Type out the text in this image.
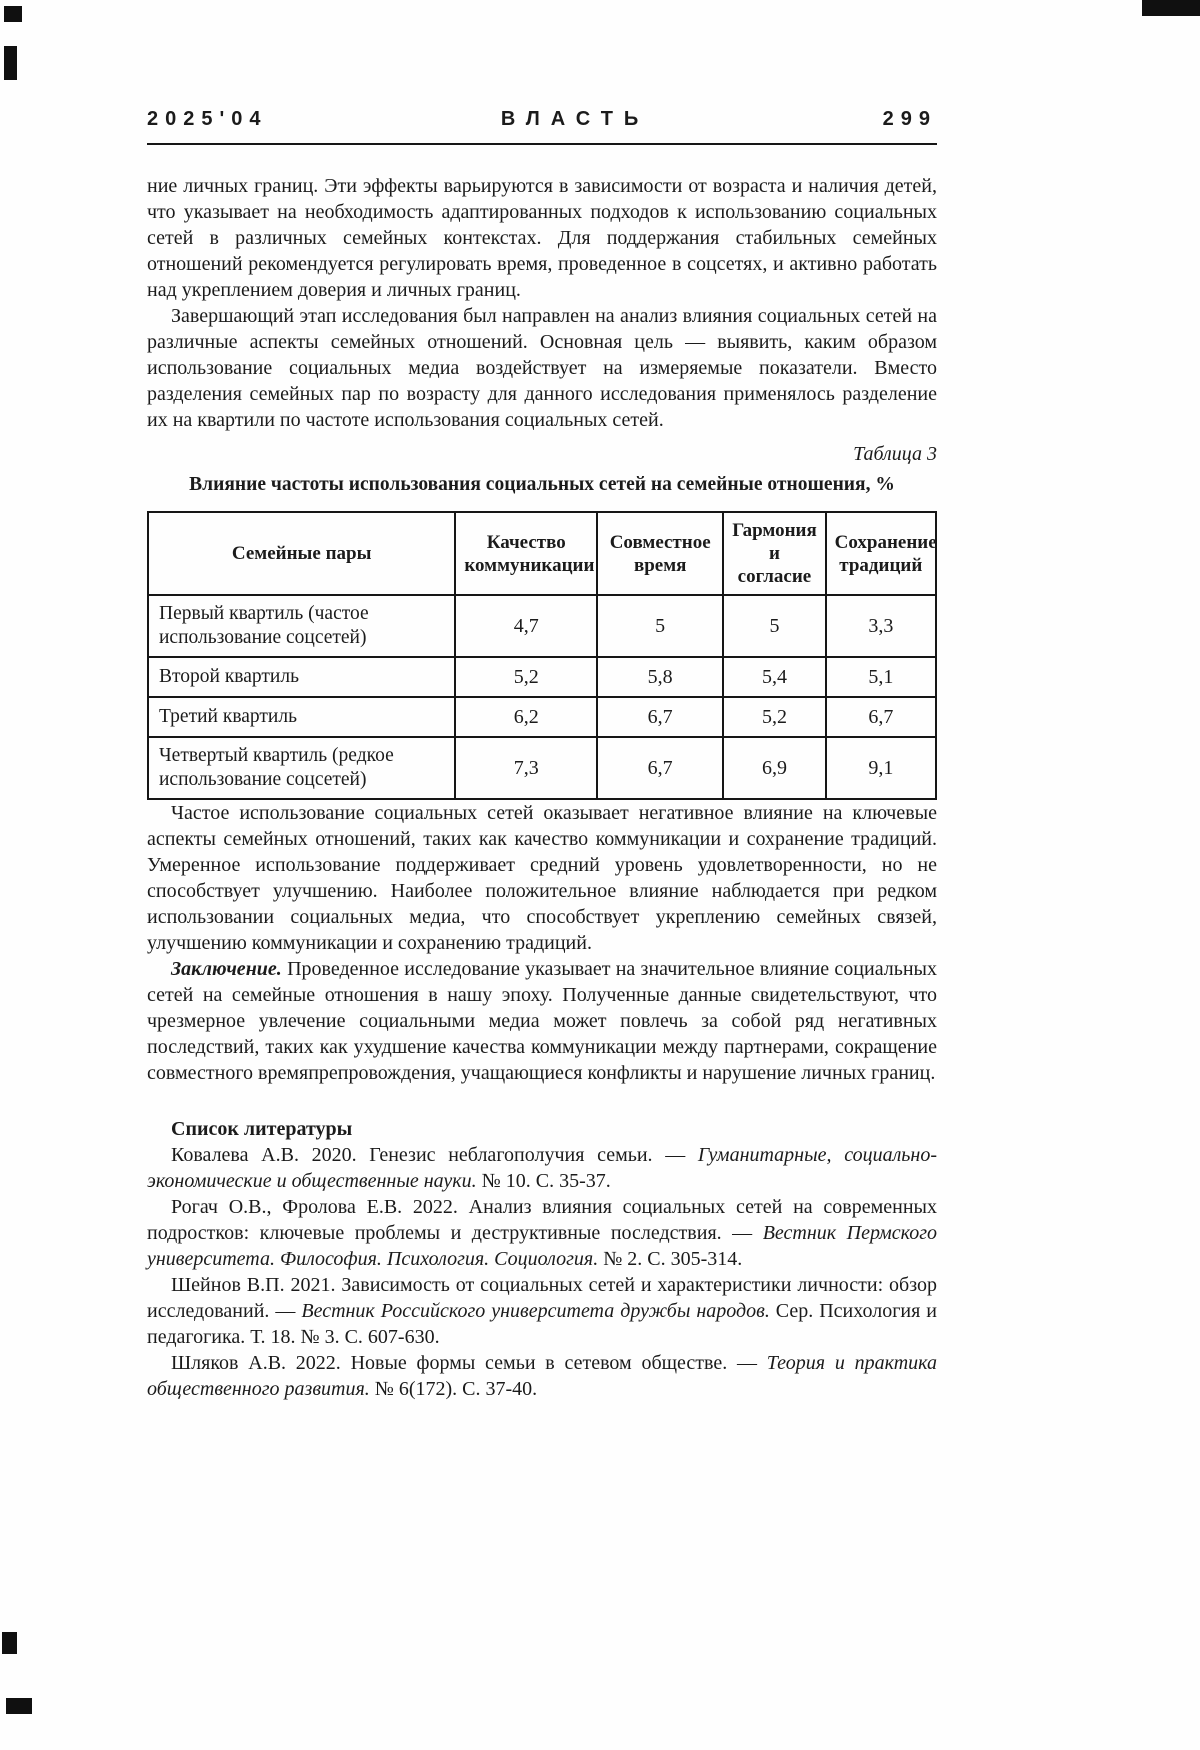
2025'04	ВЛАСТЬ	299

ние личных границ. Эти эффекты варьируются в зависимости от возраста и наличия детей, что указывает на необходимость адаптированных подходов к использованию социальных сетей в различных семейных контекстах. Для поддержания стабильных семейных отношений рекомендуется регулировать время, проведенное в соцсетях, и активно работать над укреплением доверия и личных границ.

Завершающий этап исследования был направлен на анализ влияния социальных сетей на различные аспекты семейных отношений. Основная цель — выявить, каким образом использование социальных медиа воздействует на измеряемые показатели. Вместо разделения семейных пар по возрасту для данного исследования применялось разделение их на квартили по частоте использования социальных сетей.

Таблица 3
Влияние частоты использования социальных сетей на семейные отношения, %
Семейные пары	Качество коммуникации	Совместное время	Гармония и согласие	Сохранение традиций
Первый квартиль (частое использование соцсетей)	4,7	5	5	3,3
Второй квартиль	5,2	5,8	5,4	5,1
Третий квартиль	6,2	6,7	5,2	6,7
Четвертый квартиль (редкое использование соцсетей)	7,3	6,7	6,9	9,1

Частое использование социальных сетей оказывает негативное влияние на ключевые аспекты семейных отношений, таких как качество коммуникации и сохранение традиций. Умеренное использование поддерживает средний уровень удовлетворенности, но не способствует улучшению. Наиболее положительное влияние наблюдается при редком использовании социальных медиа, что способствует укреплению семейных связей, улучшению коммуникации и сохранению традиций.

Заключение. Проведенное исследование указывает на значительное влияние социальных сетей на семейные отношения в нашу эпоху. Полученные данные свидетельствуют, что чрезмерное увлечение социальными медиа может повлечь за собой ряд негативных последствий, таких как ухудшение качества коммуникации между партнерами, сокращение совместного времяпрепровождения, учащающиеся конфликты и нарушение личных границ.

Список литературы

Ковалева А.В. 2020. Генезис неблагополучия семьи. — Гуманитарные, социально-экономические и общественные науки. № 10. С. 35-37.

Рогач О.В., Фролова Е.В. 2022. Анализ влияния социальных сетей на современных подростков: ключевые проблемы и деструктивные последствия. — Вестник Пермского университета. Философия. Психология. Социология. № 2. С. 305-314.

Шейнов В.П. 2021. Зависимость от социальных сетей и характеристики личности: обзор исследований. — Вестник Российского университета дружбы народов. Сер. Психология и педагогика. Т. 18. № 3. С. 607-630.

Шляков А.В. 2022. Новые формы семьи в сетевом обществе. — Теория и практика общественного развития. № 6(172). С. 37-40.
